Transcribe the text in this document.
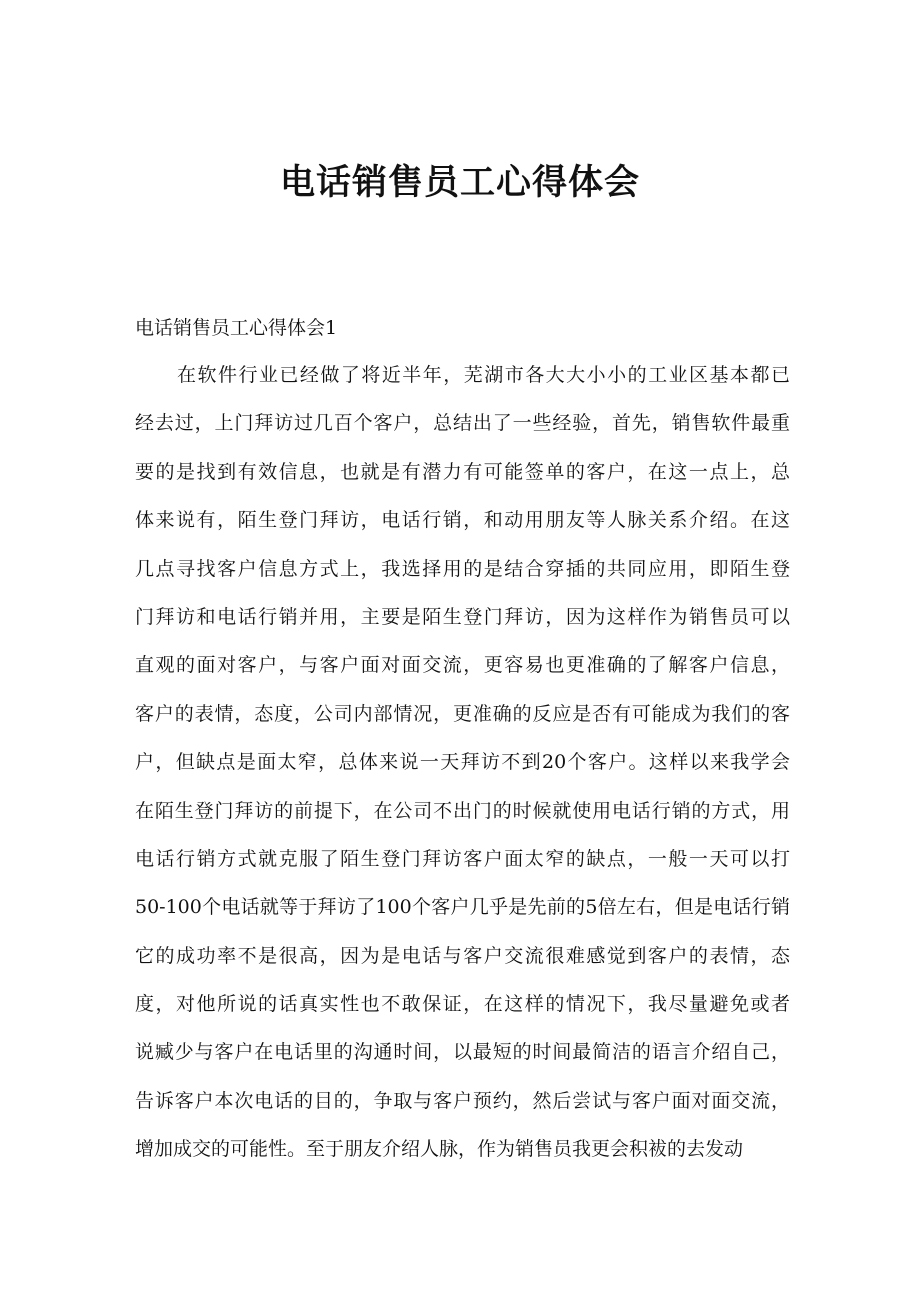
电话销售员工心得体会
电话销售员工心得体会1
在软件行业已经做了将近半年，芜湖市各大大小小的工业区基本都已
经去过，上门拜访过几百个客户，总结出了一些经验，首先，销售软件最重
要的是找到有效信息，也就是有潜力有可能签单的客户，在这一点上，总
体来说有，陌生登门拜访，电话行销，和动用朋友等人脉关系介绍。在这
几点寻找客户信息方式上，我选择用的是结合穿插的共同应用，即陌生登
门拜访和电话行销并用，主要是陌生登门拜访，因为这样作为销售员可以
直观的面对客户，与客户面对面交流，更容易也更准确的了解客户信息，
客户的表情，态度，公司内部情况，更准确的反应是否有可能成为我们的客
户，但缺点是面太窄，总体来说一天拜访不到20个客户。这样以来我学会
在陌生登门拜访的前提下，在公司不出门的时候就使用电话行销的方式，用
电话行销方式就克服了陌生登门拜访客户面太窄的缺点，一般一天可以打
50-100个电话就等于拜访了100个客户几乎是先前的5倍左右，但是电话行销
它的成功率不是很高，因为是电话与客户交流很难感觉到客户的表情，态
度，对他所说的话真实性也不敢保证，在这样的情况下，我尽量避免或者
说臧少与客户在电话里的沟通时间，以最短的时间最简洁的语言介绍自己，
告诉客户本次电话的目的，争取与客户预约，然后尝试与客户面对面交流，
增加成交的可能性。至于朋友介绍人脉，作为销售员我更会积袚的去发动
